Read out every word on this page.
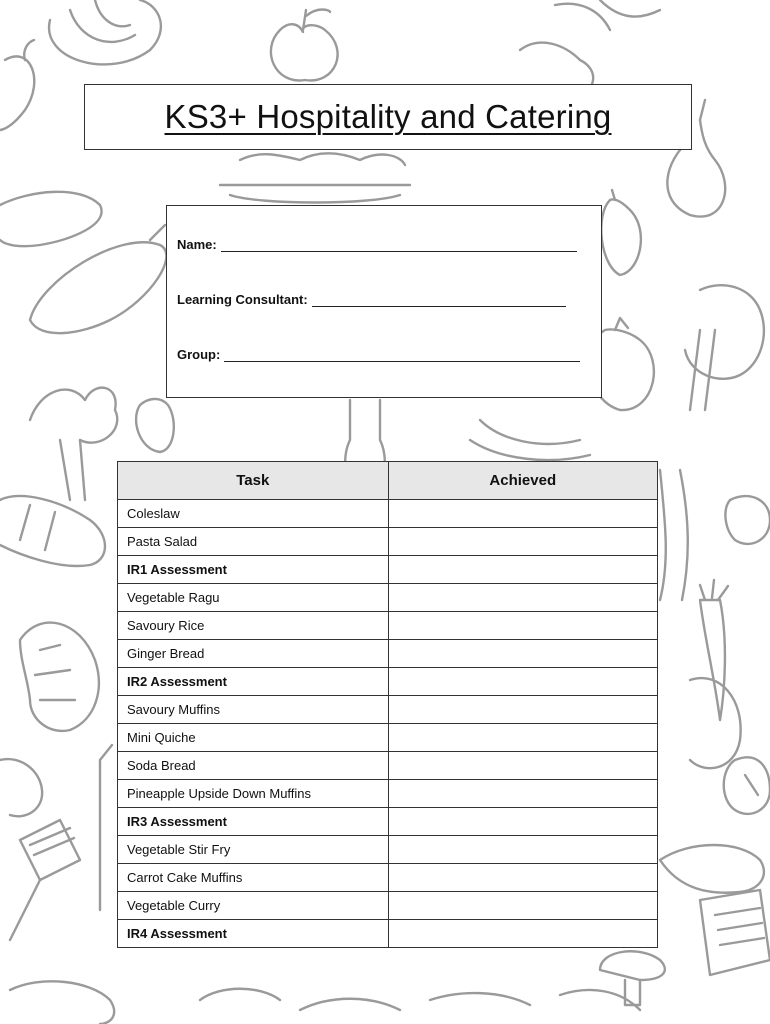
KS3+ Hospitality and Catering
Name:
Learning Consultant:
Group:
Task	Achieved
Coleslaw	
Pasta Salad	
IR1 Assessment	
Vegetable Ragu	
Savoury Rice	
Ginger Bread	
IR2 Assessment	
Savoury Muffins	
Mini Quiche	
Soda Bread	
Pineapple Upside Down Muffins	
IR3 Assessment	
Vegetable Stir Fry	
Carrot Cake Muffins	
Vegetable Curry	
IR4 Assessment	
